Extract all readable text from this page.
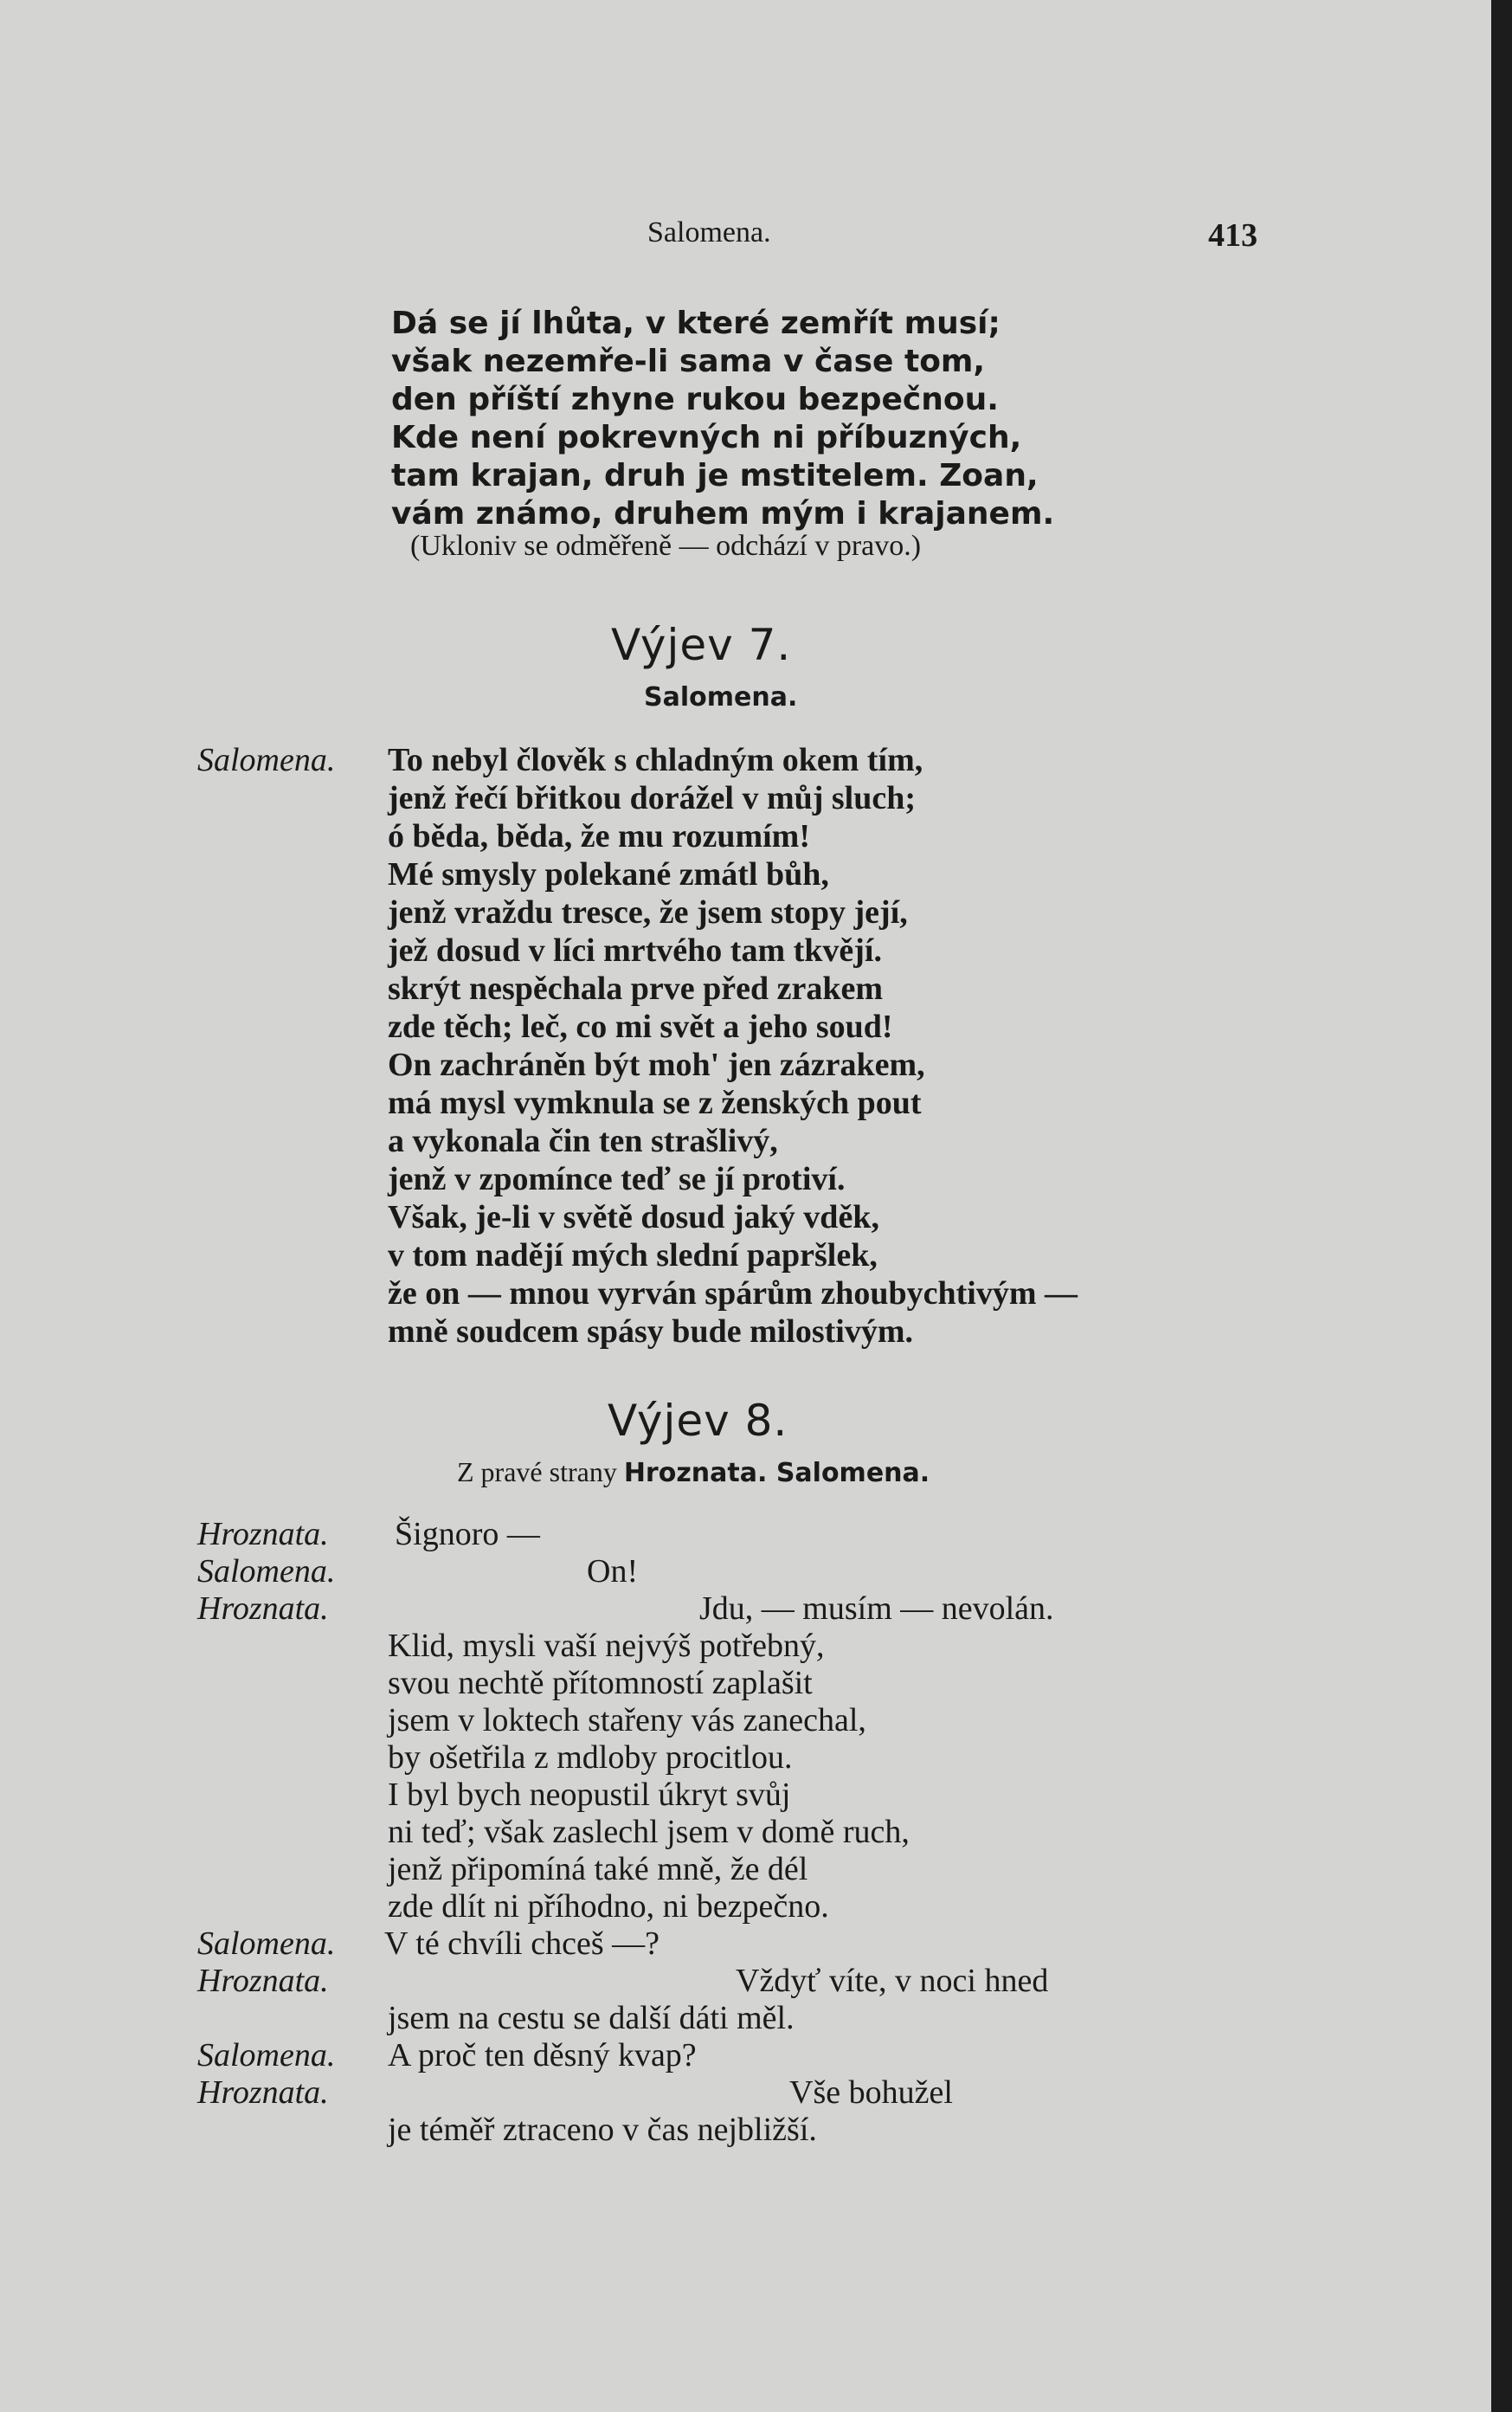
Salomena.	413
Dá se jí lhůta, v které zemřít musí;
však nezemře-li sama v čase tom,
den příští zhyne rukou bezpečnou.
Kde není pokrevných ni příbuzných,
tam krajan, druh je mstitelem. Zoan,
vám známo, druhem mým i krajanem.
(Ukloniv se odměřeně — odchází v pravo.)
Výjev 7.
Salomena.
Salomena. To nebyl člověk s chladným okem tím,
jenž řečí břitkou dorážel v můj sluch;
ó běda, běda, že mu rozumím!
Mé smysly polekané zmátl bůh,
jenž vraždu tresce, že jsem stopy její,
jež dosud v líci mrtvého tam tkvějí.
skrýt nespěchala prve před zrakem
zde těch; leč, co mi svět a jeho soud!
On zachráněn být moh' jen zázrakem,
má mysl vymknula se z ženských pout
a vykonala čin ten strašlivý,
jenž v zpomínce teď se jí protiví.
Však, je-li v světě dosud jaký vděk,
v tom nadějí mých slední papršlek,
že on — mnou vyrván spárům zhoubychtivým —
mně soudcem spásy bude milostivým.
Výjev 8.
Z pravé strany Hroznata. Salomena.
Hroznata. Šignoro —
Salomena.	On!
Hroznata.	Jdu, — musím — nevolán.
Klid, mysli vaší nejvýš potřebný,
svou nechtě přítomností zaplašit
jsem v loktech stařeny vás zanechal,
by ošetřila z mdloby procitlou.
I byl bych neopustil úkryt svůj
ni teď; však zaslechl jsem v domě ruch,
jenž připomíná také mně, že dél
zde dlít ni příhodno, ni bezpečno.
Salomena. V té chvíli chceš —?
Hroznata.	Vždyť víte, v noci hned
jsem na cestu se další dáti měl.
Salomena. A proč ten děsný kvap?
Hroznata.	Vše bohužel
je téměř ztraceno v čas nejbližší.
